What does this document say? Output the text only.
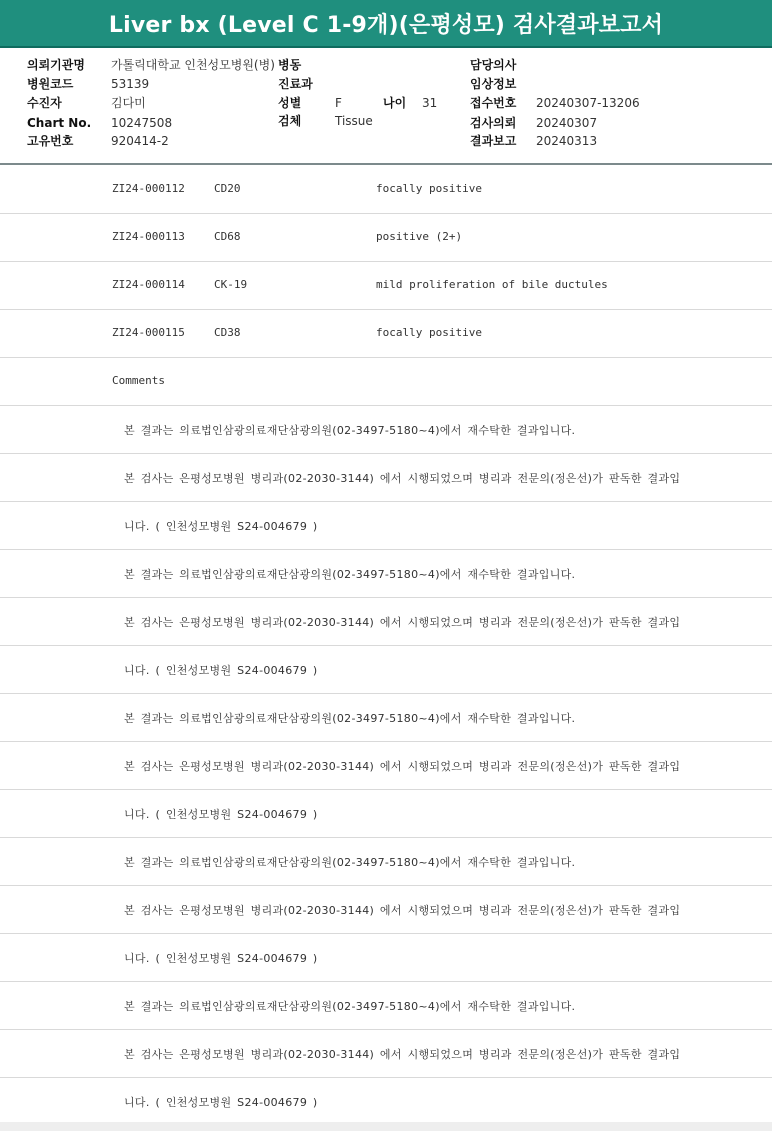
Liver bx (Level C 1-9개)(은평성모) 검사결과보고서
의뢰기관명 가톨릭대학교 인천성모병원(병) 병동	담당의사
병원코드	53139	진료과	임상정보
수진자	김다미	성별	F	나이 31	접수번호 20240307-13206
Chart No. 10247508	검체	Tissue	검사의뢰 20240307
고유번호	920414-2	결과보고 20240313
ZI24-000112	CD20	focally positive
ZI24-000113	CD68	positive (2+)
ZI24-000114	CK-19	mild proliferation of bile ductules
ZI24-000115	CD38	focally positive
Comments
본 결과는 의료법인삼광의료재단삼광의원(02-3497-5180~4)에서 재수탁한 결과입니다.
본 검사는 은평성모병원 병리과(02-2030-3144) 에서 시행되었으며 병리과 전문의(정은선)가 판독한 결과입
니다. ( 인천성모병원 S24-004679 )
본 결과는 의료법인삼광의료재단삼광의원(02-3497-5180~4)에서 재수탁한 결과입니다.
본 검사는 은평성모병원 병리과(02-2030-3144) 에서 시행되었으며 병리과 전문의(정은선)가 판독한 결과입
니다. ( 인천성모병원 S24-004679 )
본 결과는 의료법인삼광의료재단삼광의원(02-3497-5180~4)에서 재수탁한 결과입니다.
본 검사는 은평성모병원 병리과(02-2030-3144) 에서 시행되었으며 병리과 전문의(정은선)가 판독한 결과입
니다. ( 인천성모병원 S24-004679 )
본 결과는 의료법인삼광의료재단삼광의원(02-3497-5180~4)에서 재수탁한 결과입니다.
본 검사는 은평성모병원 병리과(02-2030-3144) 에서 시행되었으며 병리과 전문의(정은선)가 판독한 결과입
니다. ( 인천성모병원 S24-004679 )
본 결과는 의료법인삼광의료재단삼광의원(02-3497-5180~4)에서 재수탁한 결과입니다.
본 검사는 은평성모병원 병리과(02-2030-3144) 에서 시행되었으며 병리과 전문의(정은선)가 판독한 결과입
니다. ( 인천성모병원 S24-004679 )
